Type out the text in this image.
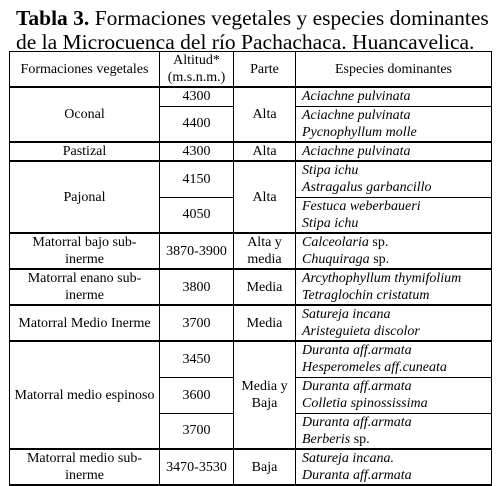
Tabla 3. Formaciones vegetales y especies dominantes de la Microcuenca del río Pachachaca. Huancavelica.
Formaciones vegetales	Altitud* (m.s.n.m.)	Parte	Especies dominantes
Oconal	4300	Alta	Aciachne pulvinata

	4400		Aciachne pulvinata
Pycnophyllum molle

Pastizal	4300	Alta	Aciachne pulvinata

Pajonal	4150	Alta	Stipa ichu
Astragalus garbancillo

	4050		Festuca weberbaueri
Stipa ichu

Matorral bajo sub-inerme	3870-3900	Alta y media	Calceolaria sp.
Chuquiraga sp.

Matorral enano sub-inerme	3800	Media	Arcythophyllum thymifolium
Tetraglochin cristatum

Matorral Medio Inerme	3700	Media	Satureja incana
Aristeguieta discolor

Matorral medio espinoso	3450	Media y Baja	Duranta aff.armata
Hesperomeles aff.cuneata

	3600		Duranta aff.armata
Colletia spinossissima

	3700		Duranta aff.armata
Berberis sp.

Matorral medio sub-inerme	3470-3530	Baja	Satureja incana.
Duranta aff.armata
